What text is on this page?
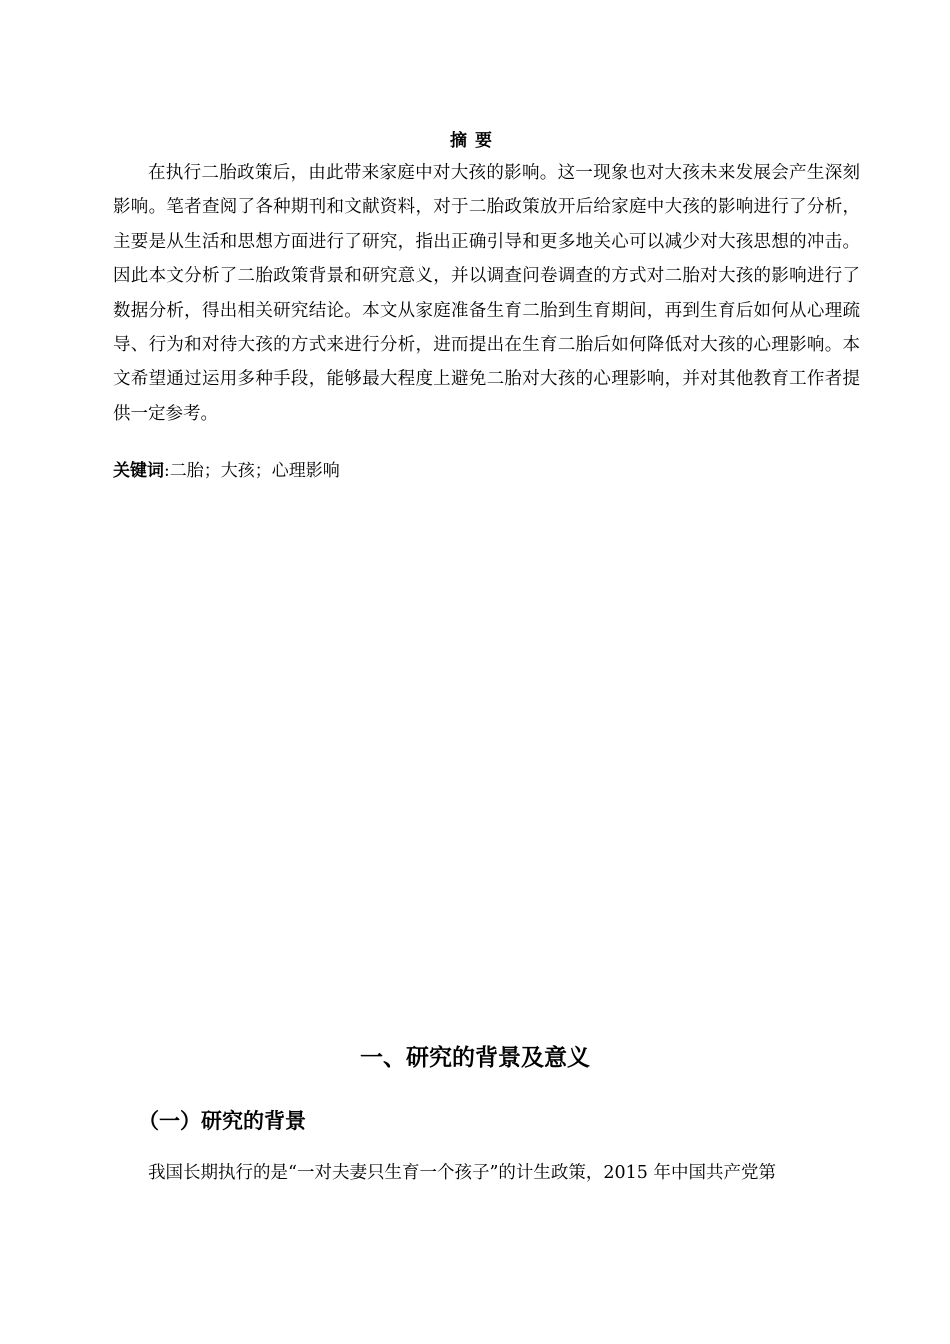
摘要

在执行二胎政策后，由此带来家庭中对大孩的影响。这一现象也对大孩未来发展会产生深刻影响。笔者查阅了各种期刊和文献资料，对于二胎政策放开后给家庭中大孩的影响进行了分析，主要是从生活和思想方面进行了研究，指出正确引导和更多地关心可以减少对大孩思想的冲击。因此本文分析了二胎政策背景和研究意义，并以调查问卷调查的方式对二胎对大孩的影响进行了数据分析，得出相关研究结论。本文从家庭准备生育二胎到生育期间，再到生育后如何从心理疏导、行为和对待大孩的方式来进行分析，进而提出在生育二胎后如何降低对大孩的心理影响。本文希望通过运用多种手段，能够最大程度上避免二胎对大孩的心理影响，并对其他教育工作者提供一定参考。

关键词:二胎；大孩；心理影响
一、研究的背景及意义
（一）研究的背景

我国长期执行的是“一对夫妻只生育一个孩子”的计生政策，2015 年中国共产党第
